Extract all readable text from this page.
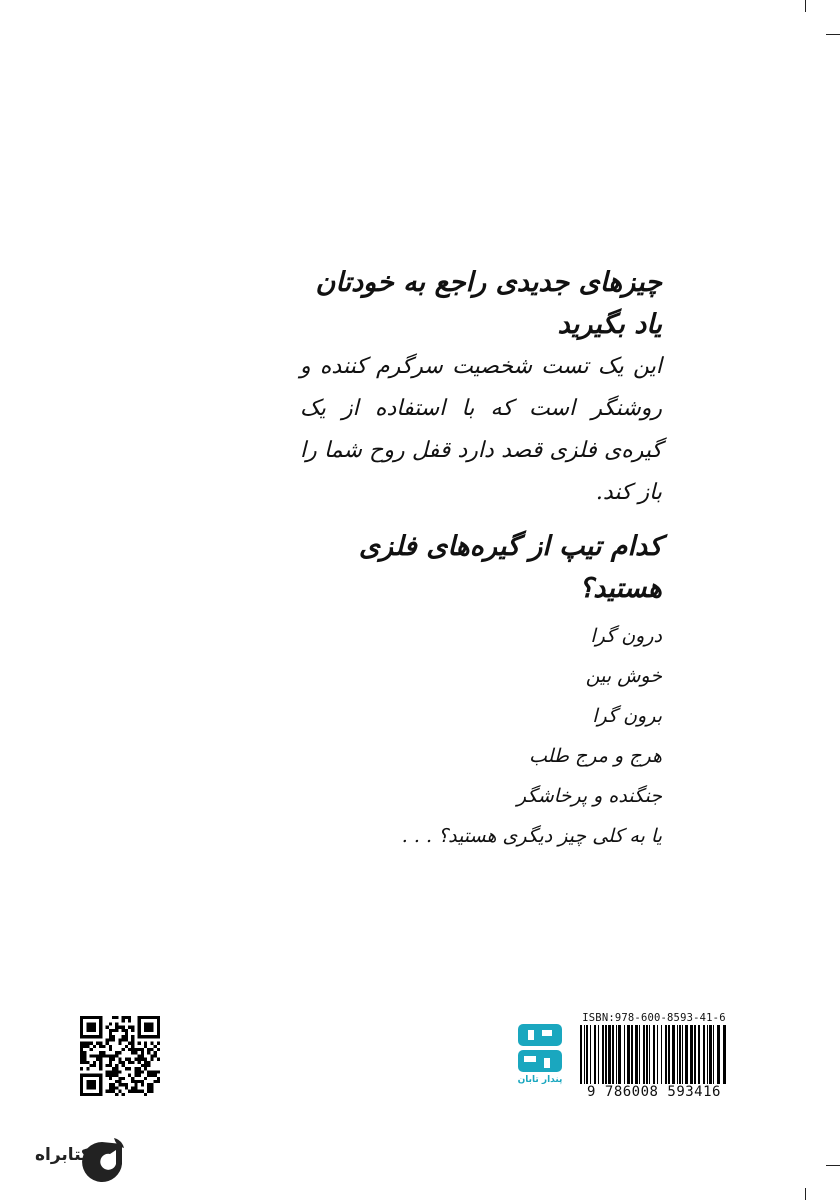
چیزهای جدیدی راجع به خودتان یاد بگیرید

این یک تست شخصیت سرگرم کننده و روشنگر است که با استفاده از یک گیره‌ی فلزی قصد دارد قفل روح شما را باز کند.

کدام تیپ از گیره‌های فلزی هستید؟
درون گرا
خوش بین
برون گرا
هرج و مرج طلب
جنگنده و پرخاشگر
یا به کلی چیز دیگری هستید؟ . . .
پندار تابان
ISBN:978-600-8593-41-6
9 786008 593416
کتابراه
